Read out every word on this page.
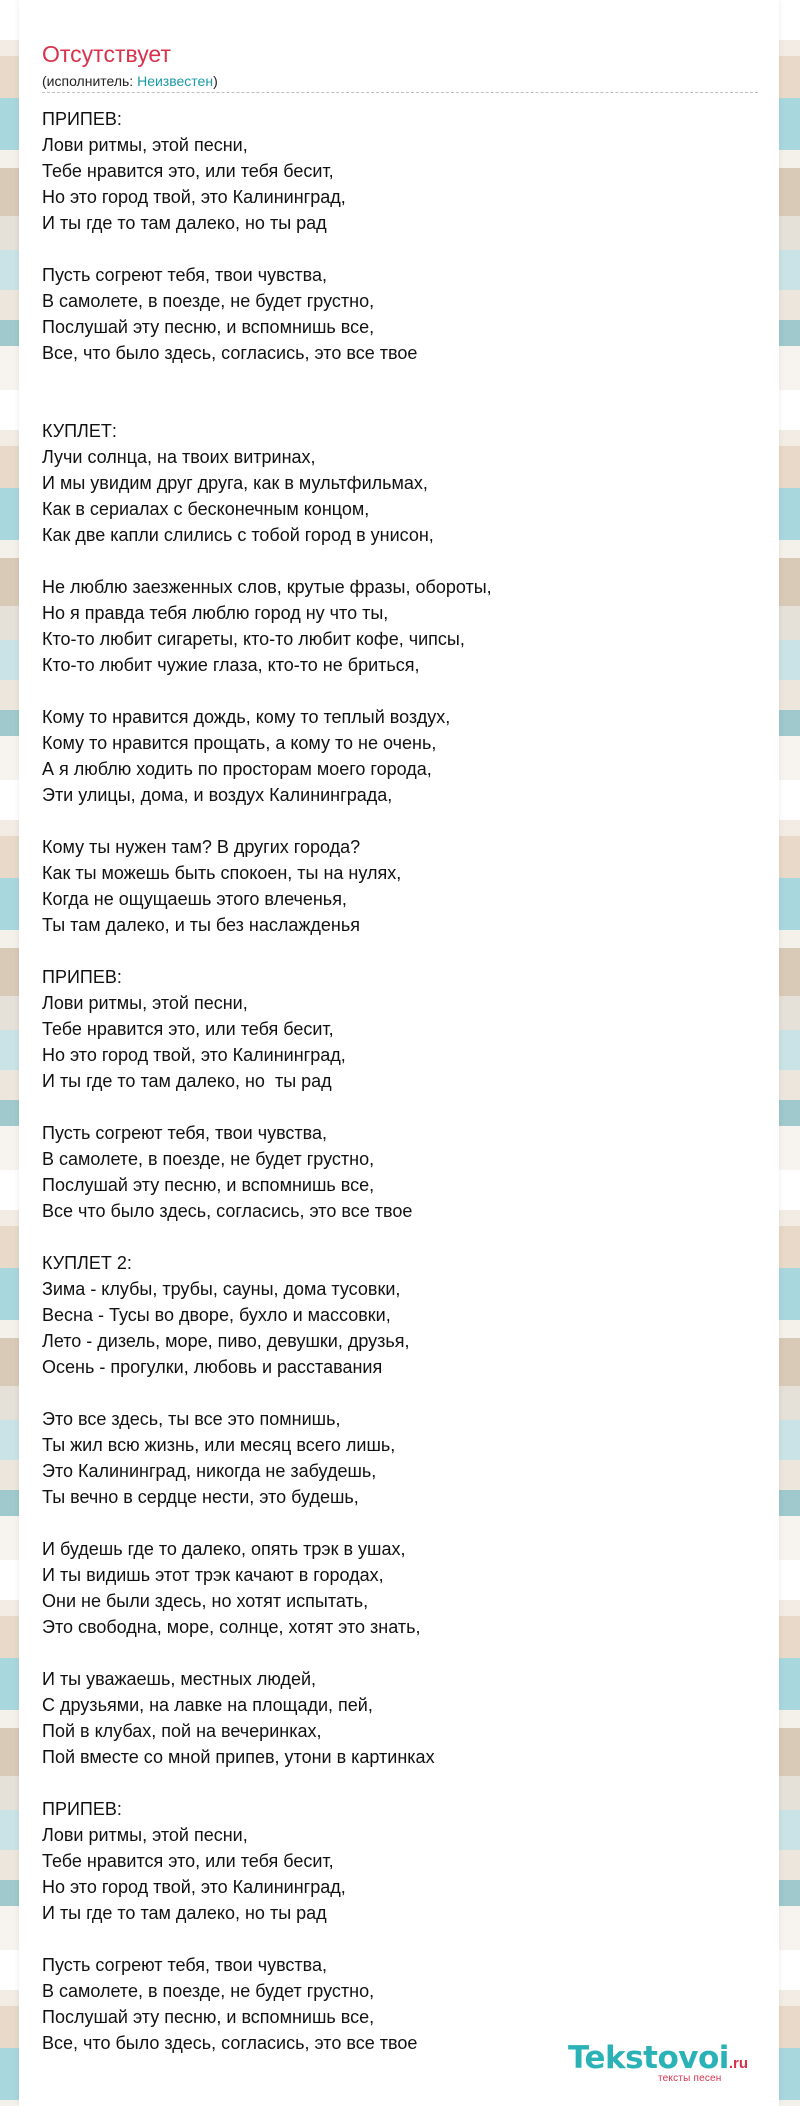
Отсутствует
(исполнитель: Неизвестен)
ПРИПЕВ:
Лови ритмы, этой песни,
Тебе нравится это, или тебя бесит,
Но это город твой, это Калининград,
И ты где то там далеко, но ты рад
Пусть согреют тебя, твои чувства,
В самолете, в поезде, не будет грустно,
Послушай эту песню, и вспомнишь все,
Все, что было здесь, согласись, это все твое
КУПЛЕТ:
Лучи солнца, на твоих витринах,
И мы увидим друг друга, как в мультфильмах,
Как в сериалах с бесконечным концом,
Как две капли слились с тобой город в унисон,
Не люблю заезженных слов, крутые фразы, обороты,
Но я правда тебя люблю город ну что ты,
Кто-то любит сигареты, кто-то любит кофе, чипсы,
Кто-то любит чужие глаза, кто-то не бриться,
Кому то нравится дождь, кому то теплый воздух,
Кому то нравится прощать, а кому то не очень,
А я люблю ходить по просторам моего города,
Эти улицы, дома, и воздух Калининграда,
Кому ты нужен там? В других города?
Как ты можешь быть спокоен, ты на нулях,
Когда не ощущаешь этого влеченья,
Ты там далеко, и ты без наслажденья
ПРИПЕВ:
Лови ритмы, этой песни,
Тебе нравится это, или тебя бесит,
Но это город твой, это Калининград,
И ты где то там далеко, но  ты рад
Пусть согреют тебя, твои чувства,
В самолете, в поезде, не будет грустно,
Послушай эту песню, и вспомнишь все,
Все что было здесь, согласись, это все твое
КУПЛЕТ 2:
Зима - клубы, трубы, сауны, дома тусовки,
Весна - Тусы во дворе, бухло и массовки,
Лето - дизель, море, пиво, девушки, друзья,
Осень - прогулки, любовь и расставания
Это все здесь, ты все это помнишь,
Ты жил всю жизнь, или месяц всего лишь,
Это Калининград, никогда не забудешь,
Ты вечно в сердце нести, это будешь,
И будешь где то далеко, опять трэк в ушах,
И ты видишь этот трэк качают в городах,
Они не были здесь, но хотят испытать,
Это свободна, море, солнце, хотят это знать,
И ты уважаешь, местных людей,
С друзьями, на лавке на площади, пей,
Пой в клубах, пой на вечеринках,
Пой вместе со мной припев, утони в картинках
ПРИПЕВ:
Лови ритмы, этой песни,
Тебе нравится это, или тебя бесит,
Но это город твой, это Калининград,
И ты где то там далеко, но ты рад
Пусть согреют тебя, твои чувства,
В самолете, в поезде, не будет грустно,
Послушай эту песню, и вспомнишь все,
Все, что было здесь, согласись, это все твое	Tekstovoi.ru
тексты песен
